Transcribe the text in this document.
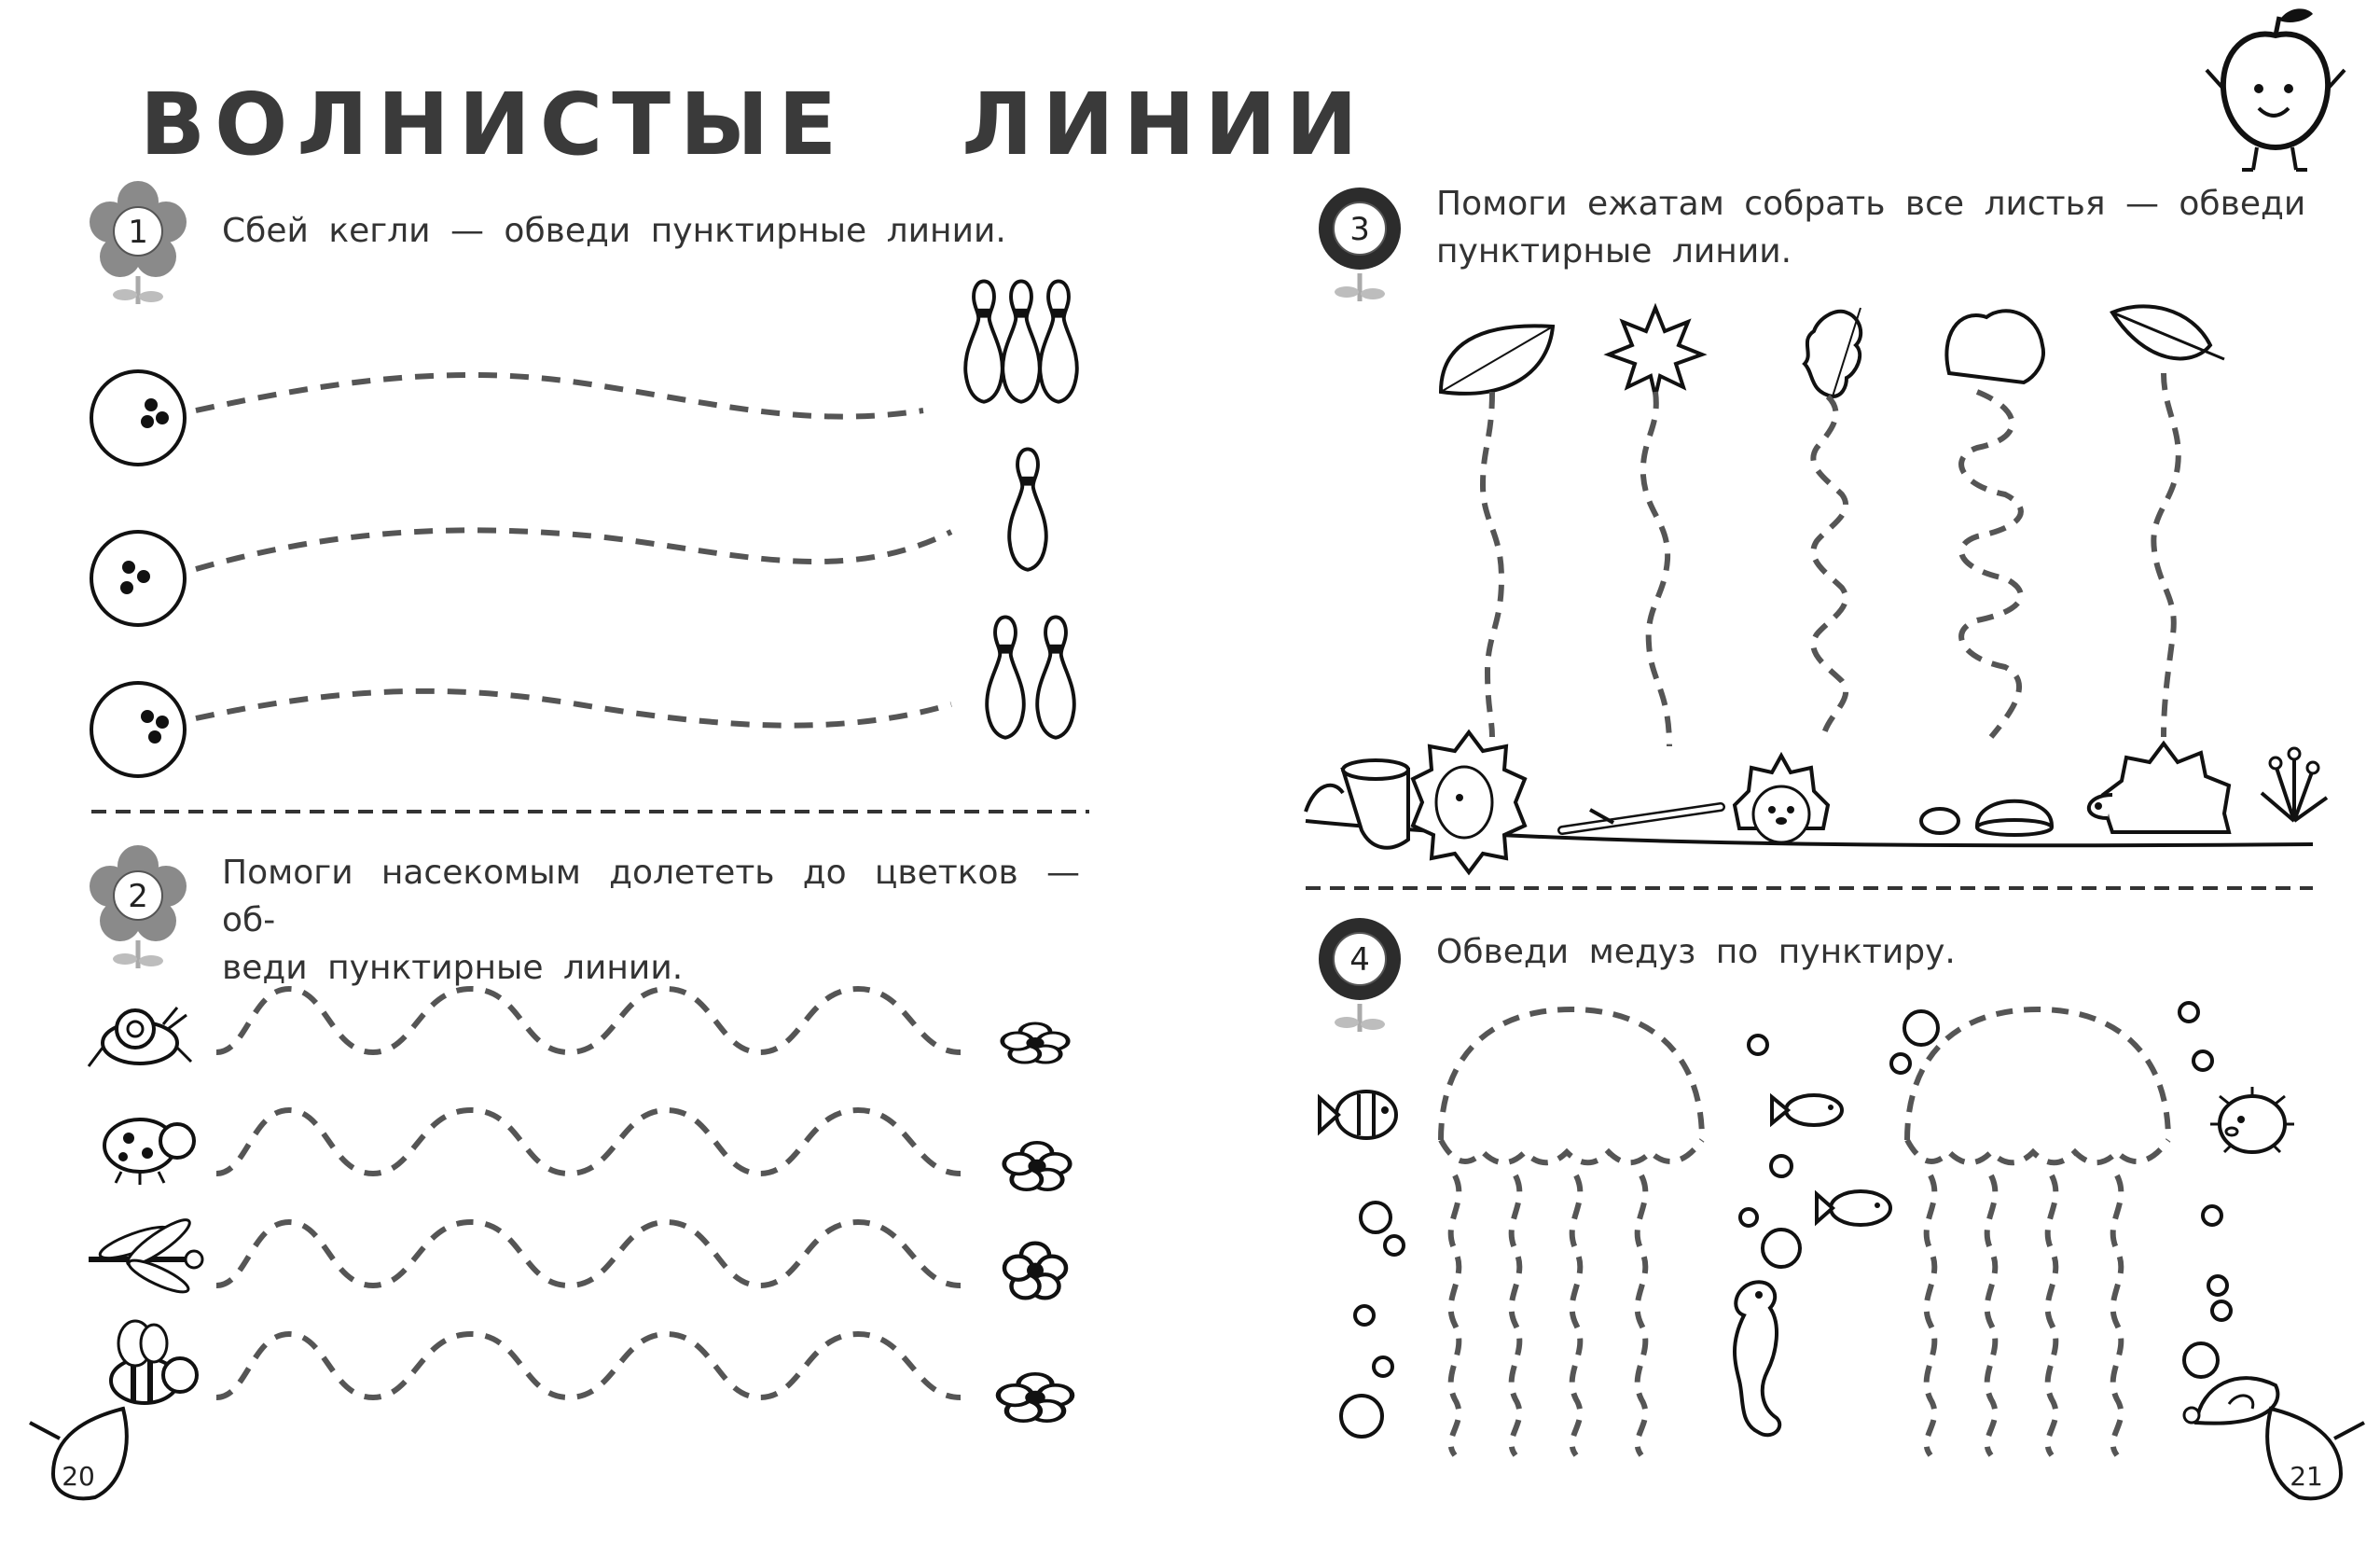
ВОЛНИСТЫЕ ЛИНИИ
Сбей кегли — обведи пунктирные линии.
Помоги насекомым долететь до цветков — об-
веди пунктирные линии.
Помоги ежатам собрать все листья — обведи
пунктирные линии.
Обведи медуз по пунктиру.
1
2
3
4
20	21
